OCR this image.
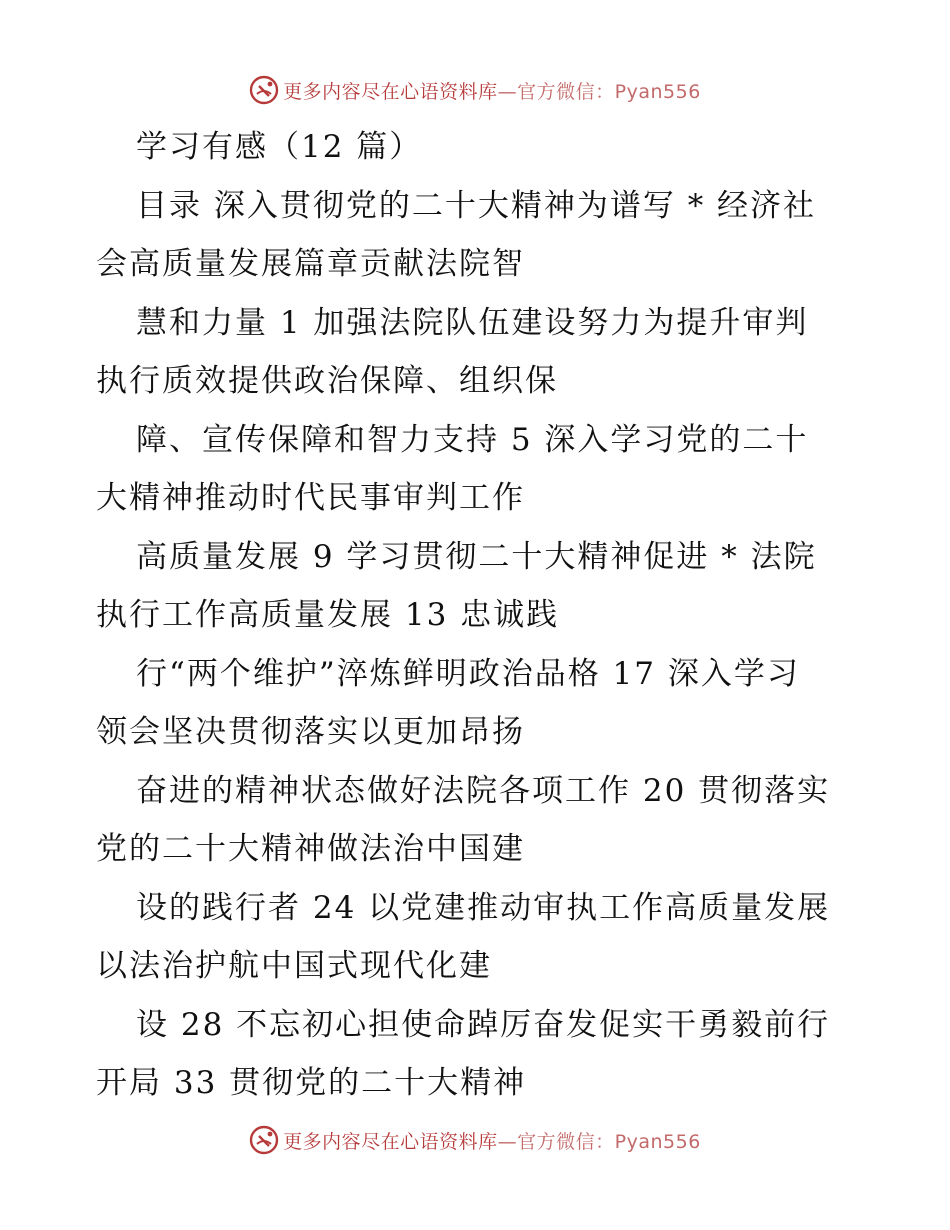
更多内容尽在心语资料库 —官方微信：Pyan556
学习有感（12 篇）
目录 深入贯彻党的二十大精神为谱写 * 经济社
会高质量发展篇章贡献法院智
慧和力量 1 加强法院队伍建设努力为提升审判
执行质效提供政治保障、组织保
障、宣传保障和智力支持 5 深入学习党的二十
大精神推动时代民事审判工作
高质量发展 9 学习贯彻二十大精神促进 * 法院
执行工作高质量发展 13 忠诚践
行“两个维护”淬炼鲜明政治品格 17 深入学习
领会坚决贯彻落实以更加昂扬
奋进的精神状态做好法院各项工作 20 贯彻落实
党的二十大精神做法治中国建
设的践行者 24 以党建推动审执工作高质量发展
以法治护航中国式现代化建
设 28 不忘初心担使命踔厉奋发促实干勇毅前行
开局 33 贯彻党的二十大精神
更多内容尽在心语资料库 —官方微信：Pyan556
